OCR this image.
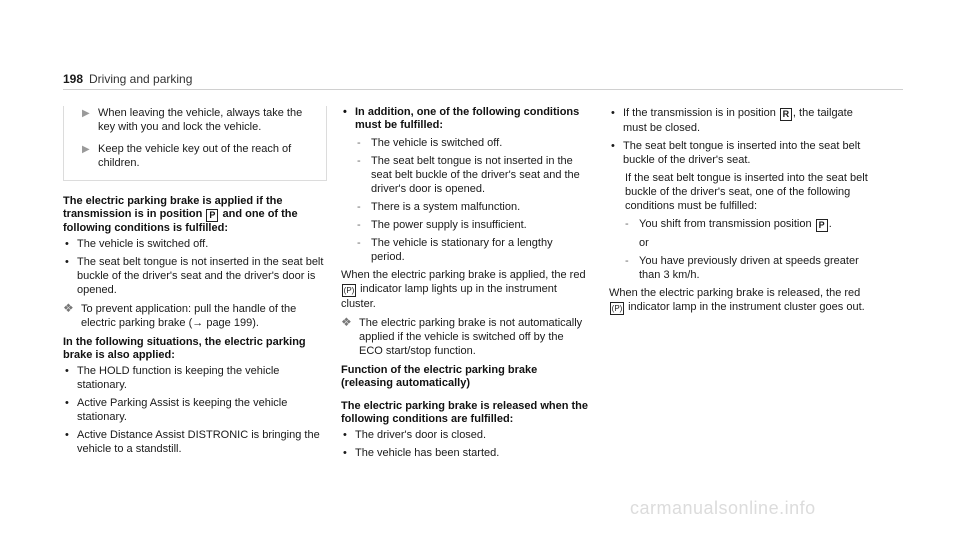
198 Driving and parking
▶ When leaving the vehicle, always take the key with you and lock the vehicle.
▶ Keep the vehicle key out of the reach of children.
The electric parking brake is applied if the transmission is in position P and one of the following conditions is fulfilled:
• The vehicle is switched off.
• The seat belt tongue is not inserted in the seat belt buckle of the driver's seat and the driver's door is opened.
❖ To prevent application: pull the handle of the electric parking brake (→ page 199).
In the following situations, the electric parking brake is also applied:
• The HOLD function is keeping the vehicle stationary.
• Active Parking Assist is keeping the vehicle stationary.
• Active Distance Assist DISTRONIC is bringing the vehicle to a standstill.
• In addition, one of the following conditions must be fulfilled:
- The vehicle is switched off.
- The seat belt tongue is not inserted in the seat belt buckle of the driver's seat and the driver's door is opened.
- There is a system malfunction.
- The power supply is insufficient.
- The vehicle is stationary for a lengthy period.
When the electric parking brake is applied, the red (P) indicator lamp lights up in the instrument cluster.
❖ The electric parking brake is not automatically applied if the vehicle is switched off by the ECO start/stop function.
Function of the electric parking brake (releasing automatically)
The electric parking brake is released when the following conditions are fulfilled:
• The driver's door is closed.
• The vehicle has been started.
• If the transmission is in position R , the tailgate must be closed.
• The seat belt tongue is inserted into the seat belt buckle of the driver's seat.
If the seat belt tongue is inserted into the seat belt buckle of the driver's seat, one of the following conditions must be fulfilled:
- You shift from transmission position P .
or
- You have previously driven at speeds greater than 3 km/h.
When the electric parking brake is released, the red (P) indicator lamp in the instrument cluster goes out.
carmanualsonline.info
